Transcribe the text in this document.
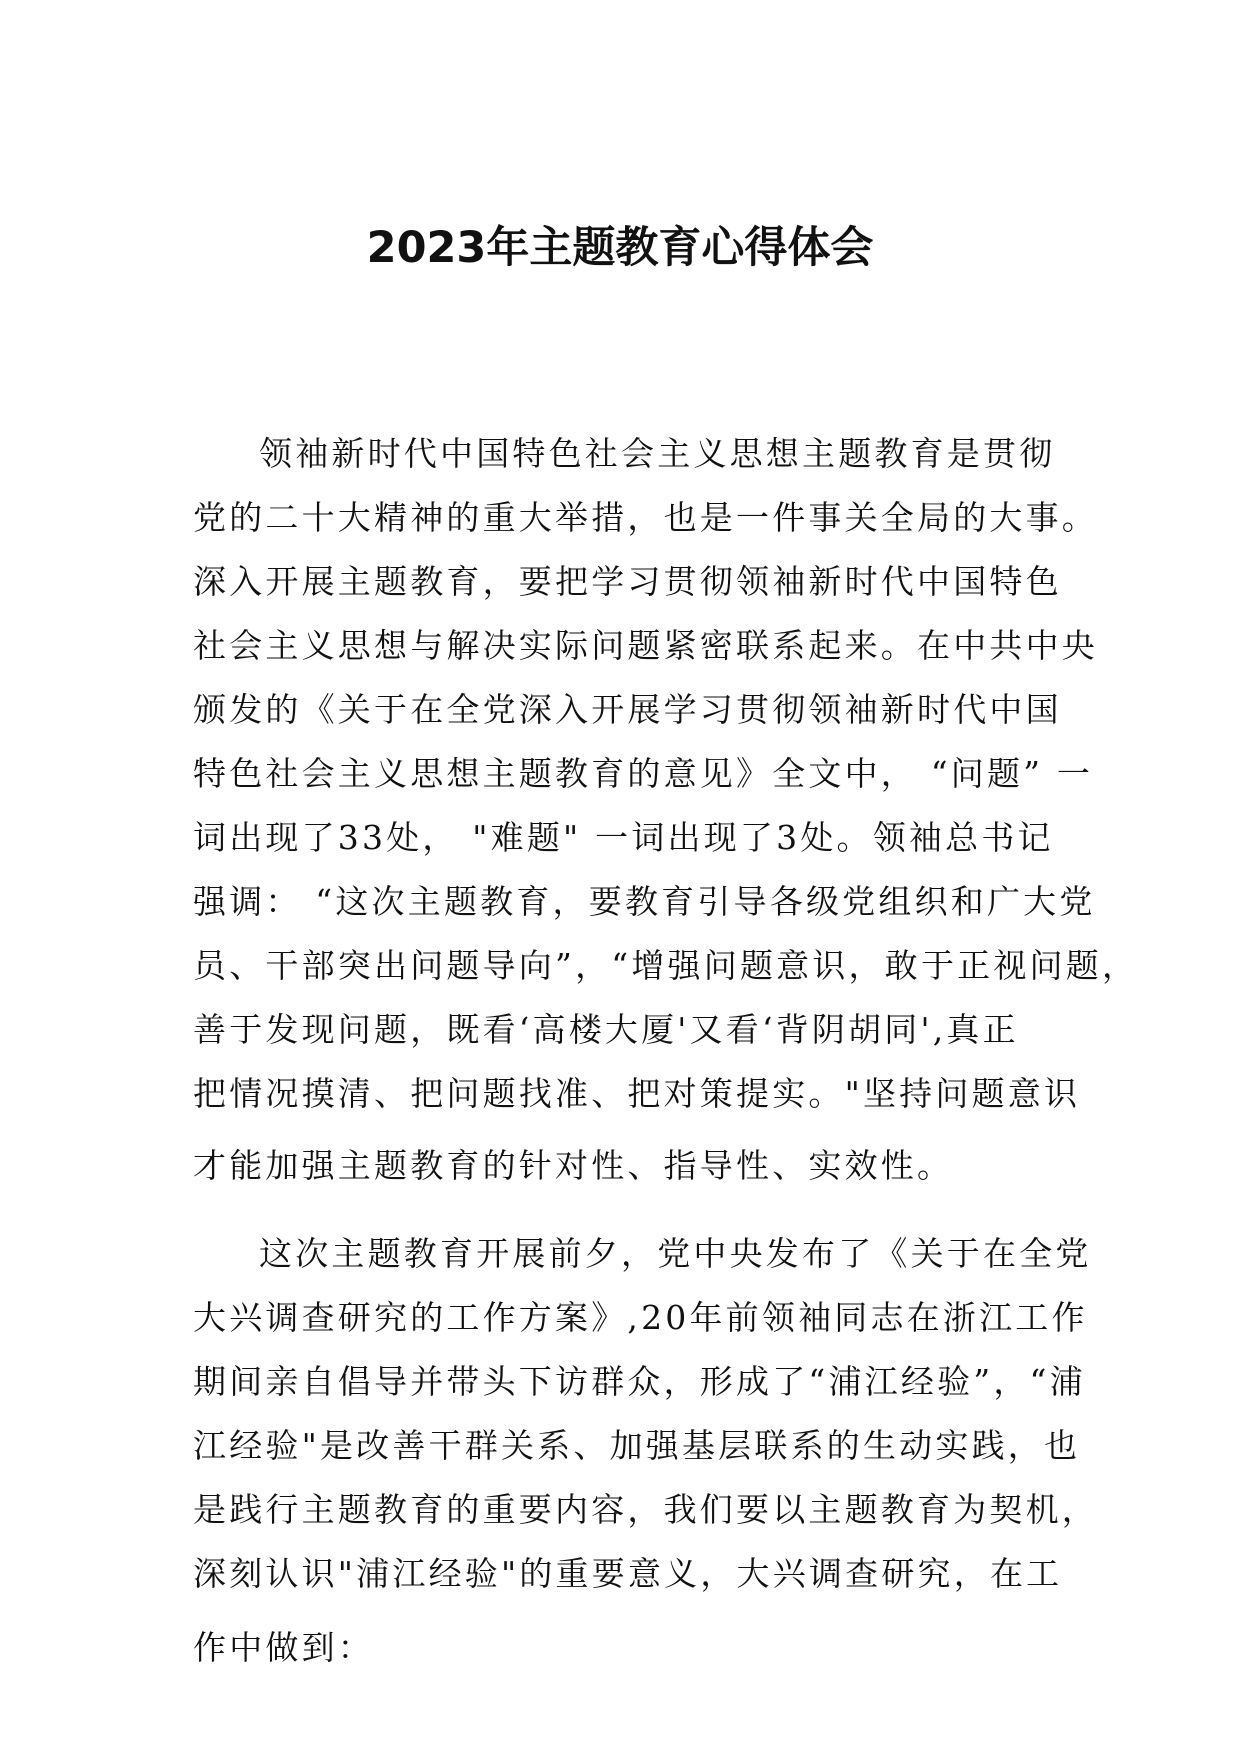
2023年主题教育心得体会
领袖新时代中国特色社会主义思想主题教育是贯彻
党的二十大精神的重大举措，也是一件事关全局的大事。
深入开展主题教育，要把学习贯彻领袖新时代中国特色
社会主义思想与解决实际问题紧密联系起来。在中共中央
颁发的《关于在全党深入开展学习贯彻领袖新时代中国
特色社会主义思想主题教育的意见》全文中， “问题” 一
词出现了33处， "难题" 一词出现了3处。领袖总书记
强调： “这次主题教育，要教育引导各级党组织和广大党
员、干部突出问题导向”，“增强问题意识，敢于正视问题，
善于发现问题，既看‘高楼大厦'又看‘背阴胡同',真正
把情况摸清、把问题找准、把对策提实。"坚持问题意识
才能加强主题教育的针对性、指导性、实效性。
这次主题教育开展前夕，党中央发布了《关于在全党
大兴调查研究的工作方案》,20年前领袖同志在浙江工作
期间亲自倡导并带头下访群众，形成了“浦江经验”，“浦
江经验"是改善干群关系、加强基层联系的生动实践，也
是践行主题教育的重要内容，我们要以主题教育为契机，
深刻认识"浦江经验"的重要意义，大兴调查研究，在工
作中做到：
